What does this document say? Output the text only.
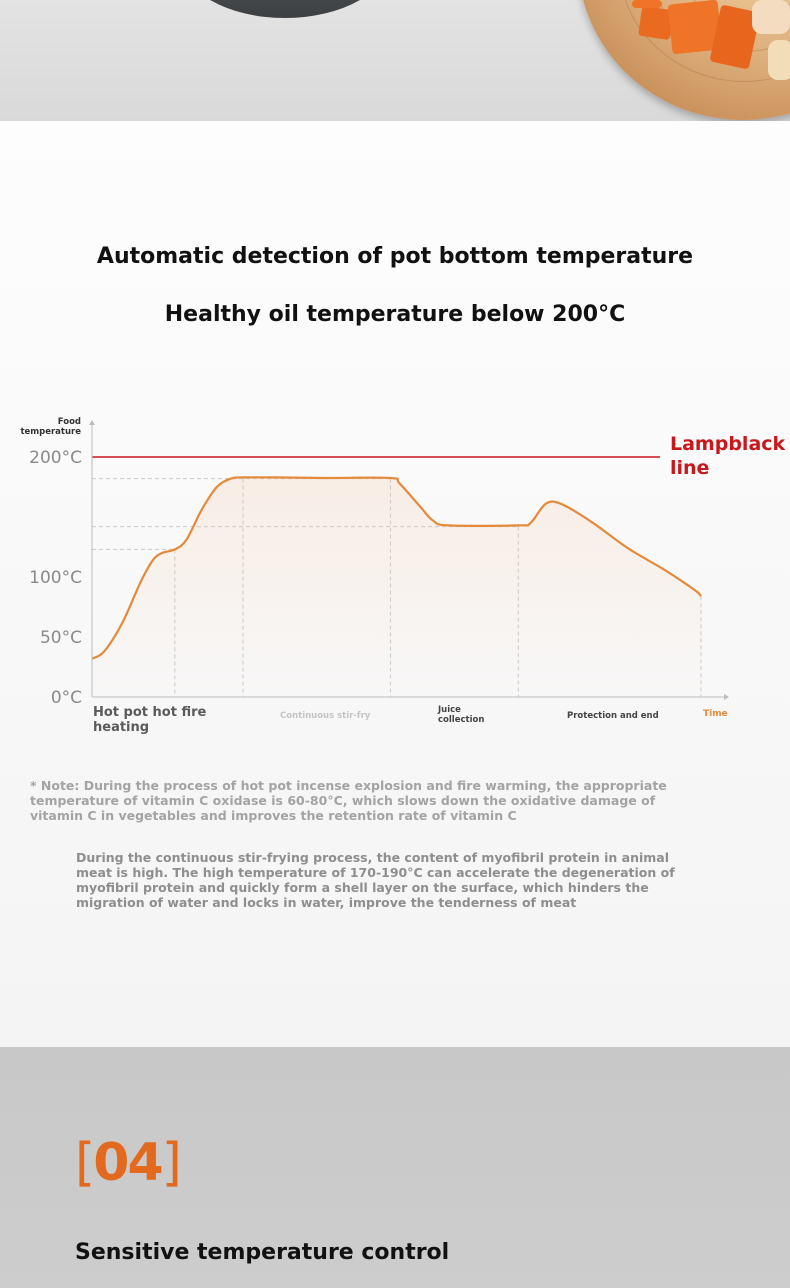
Automatic detection of pot bottom temperature
Healthy oil temperature below 200°C
200°C
100°C
50°C
0°C
Food temperature
Time
Hot pot hot fire heating
Continuous stir-fry
Juice collection	Protection and end
Lampblack line
* Note: During the process of hot pot incense explosion and fire warming, the appropriate temperature of vitamin C oxidase is 60-80°C, which slows down the oxidative damage of vitamin C in vegetables and improves the retention rate of vitamin C
During the continuous stir-frying process, the content of myofibril protein in animal meat is high. The high temperature of 170-190°C can accelerate the degeneration of myofibril protein and quickly form a shell layer on the surface, which hinders the migration of water and locks in water, improve the tenderness of meat
[04]
Sensitive temperature control
